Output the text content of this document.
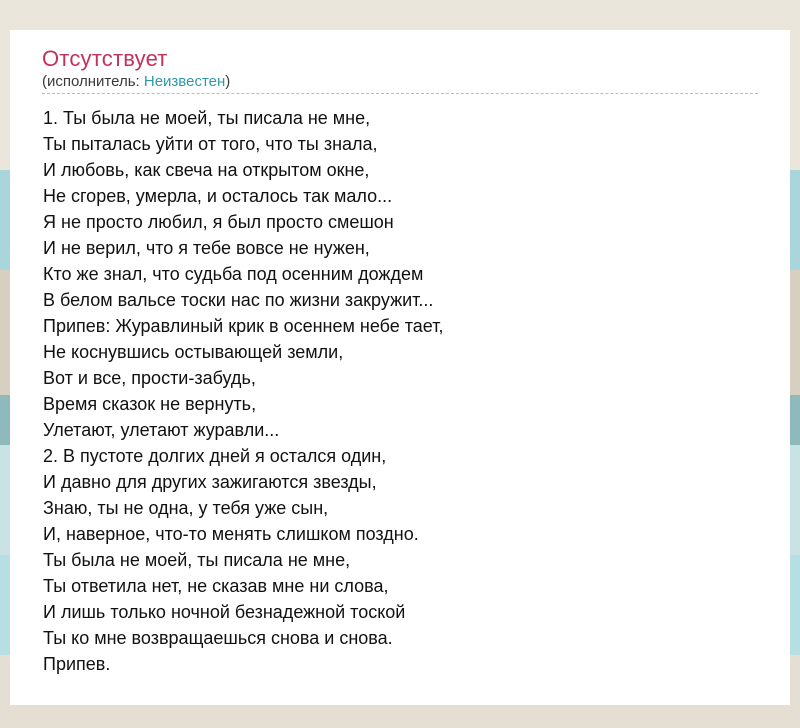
Отсутствует
(исполнитель: Неизвестен)
1. Ты была не моей, ты писала не мне,
Ты пыталась уйти от того, что ты знала,
И любовь, как свеча на открытом окне,
Не сгорев, умерла, и осталось так мало...
Я не просто любил, я был просто смешон
И не верил, что я тебе вовсе не нужен,
Кто же знал, что судьба под осенним дождем
В белом вальсе тоски нас по жизни закружит...
Припев: Журавлиный крик в осеннем небе тает,
Не коснувшись остывающей земли,
Вот и все, прости-забудь,
Время сказок не вернуть,
Улетают, улетают журавли...
2. В пустоте долгих дней я остался один,
И давно для других зажигаются звезды,
Знаю, ты не одна, у тебя уже сын,
И, наверное, что-то менять слишком поздно.
Ты была не моей, ты писала не мне,
Ты ответила нет, не сказав мне ни слова,
И лишь только ночной безнадежной тоской
Ты ко мне возвращаешься снова и снова.
Припев.
